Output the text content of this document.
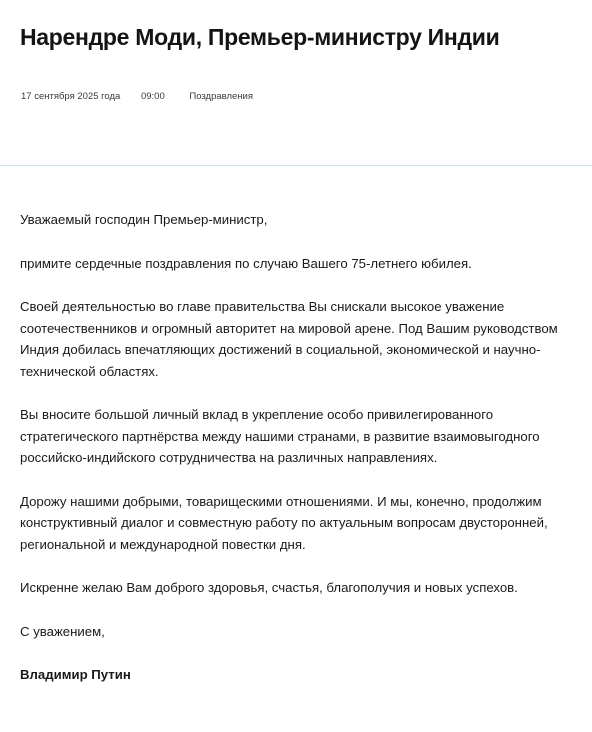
Нарендре Моди, Премьер-министру Индии
17 сентября 2025 года 09:00	Поздравления

Уважаемый господин Премьер-министр,

примите сердечные поздравления по случаю Вашего 75-летнего юбилея.

Своей деятельностью во главе правительства Вы снискали высокое уважение соотечественников и огромный авторитет на мировой арене. Под Вашим руководством Индия добилась впечатляющих достижений в социальной, экономической и научно-технической областях.

Вы вносите большой личный вклад в укрепление особо привилегированного стратегического партнёрства между нашими странами, в развитие взаимовыгодного российско-индийского сотрудничества на различных направлениях.

Дорожу нашими добрыми, товарищескими отношениями. И мы, конечно, продолжим конструктивный диалог и совместную работу по актуальным вопросам двусторонней, региональной и международной повестки дня.

Искренне желаю Вам доброго здоровья, счастья, благополучия и новых успехов.

С уважением,

Владимир Путин
